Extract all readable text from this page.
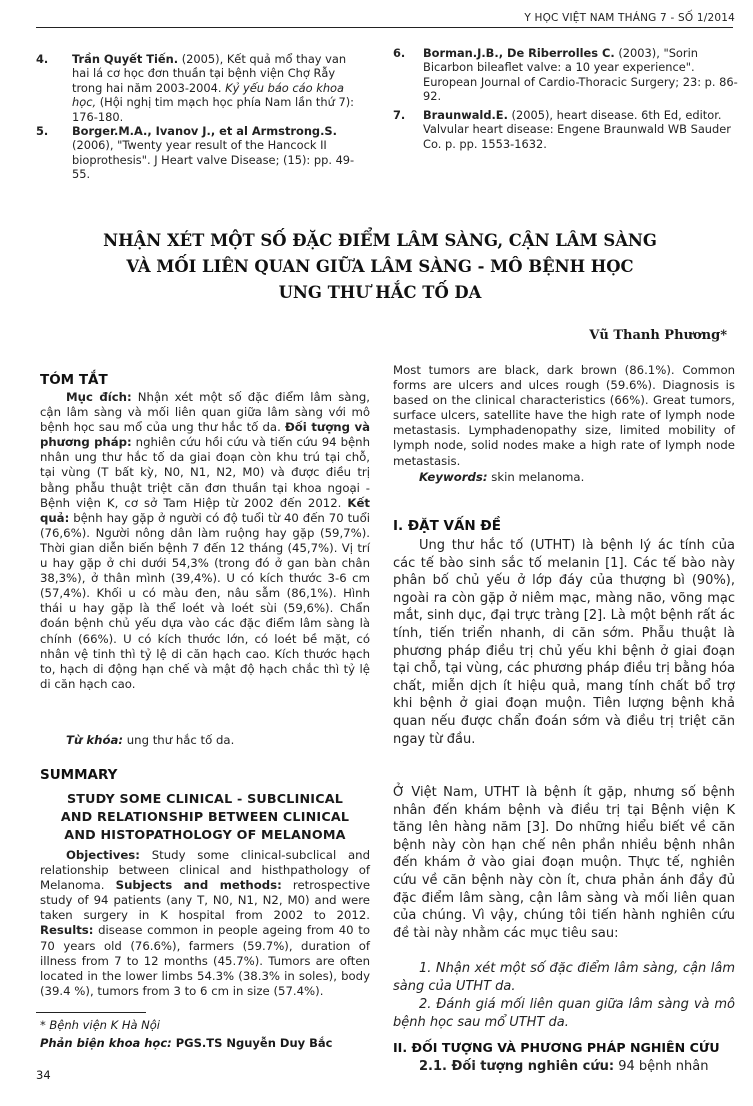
Y HỌC VIỆT NAM THÁNG 7 - SỐ 1/2014
4.	Trần Quyết Tiến. (2005), Kết quả mổ thay van hai lá cơ học đơn thuần tại bệnh viện Chợ Rẫy trong hai năm 2003-2004. Kỷ yếu báo cáo khoa học, (Hội nghị tim mạch học phía Nam lần thứ 7): 176-180.
5.	Borger.M.A., Ivanov J., et al Armstrong.S. (2006), "Twenty year result of the Hancock II bioprothesis". J Heart valve Disease; (15): pp. 49-55.
6.	Borman.J.B., De Riberrolles C. (2003), "Sorin Bicarbon bileaflet valve: a 10 year experience". European Journal of Cardio-Thoracic Surgery; 23: p. 86-92.
7.	Braunwald.E. (2005), heart disease. 6th Ed, editor. Valvular heart disease: Engene Braunwald WB Sauder Co. p. pp. 1553-1632.
NHẬN XÉT MỘT SỐ ĐẶC ĐIỂM LÂM SÀNG, CẬN LÂM SÀNG
VÀ MỐI LIÊN QUAN GIỮA LÂM SÀNG - MÔ BỆNH HỌC
UNG THƯ HẮC TỐ DA
Vũ Thanh Phương*
TÓM TẮT
Mục đích: Nhận xét một số đặc điểm lâm sàng, cận lâm sàng và mối liên quan giữa lâm sàng với mô bệnh học sau mổ của ung thư hắc tố da. Đối tượng và phương pháp: nghiên cứu hồi cứu và tiến cứu 94 bệnh nhân ung thư hắc tố da giai đoạn còn khu trú tại chỗ, tại vùng (T bất kỳ, N0, N1, N2, M0) và được điều trị bằng phẫu thuật triệt căn đơn thuần tại khoa ngoại - Bệnh viện K, cơ sở Tam Hiệp từ 2002 đến 2012. Kết quả: bệnh hay gặp ở người có độ tuổi từ 40 đến 70 tuổi (76,6%). Người nông dân làm ruộng hay gặp (59,7%). Thời gian diễn biến bệnh 7 đến 12 tháng (45,7%). Vị trí u hay gặp ở chi dưới 54,3% (trong đó ở gan bàn chân 38,3%), ở thân mình (39,4%). U có kích thước 3-6 cm (57,4%). Khối u có màu đen, nâu sẫm (86,1%). Hình thái u hay gặp là thể loét và loét sùi (59,6%). Chẩn đoán bệnh chủ yếu dựa vào các đặc điểm lâm sàng là chính (66%). U có kích thước lớn, có loét bề mặt, có nhân vệ tinh thì tỷ lệ di căn hạch cao. Kích thước hạch to, hạch di động hạn chế và mật độ hạch chắc thì tỷ lệ di căn hạch cao.
Từ khóa: ung thư hắc tố da.
SUMMARY
STUDY SOME CLINICAL - SUBCLINICAL
AND RELATIONSHIP BETWEEN CLINICAL
AND HISTOPATHOLOGY OF MELANOMA
Objectives: Study some clinical-subclical and relationship between clinical and histhpathology of Melanoma. Subjects and methods: retrospective study of 94 patients (any T, N0, N1, N2, M0) and were taken surgery in K hospital from 2002 to 2012. Results: disease common in people ageing from 40 to 70 years old (76.6%), farmers (59.7%), duration of illness from 7 to 12 months (45.7%). Tumors are often located in the lower limbs 54.3% (38.3% in soles), body (39.4 %), tumors from 3 to 6 cm in size (57.4%).
* Bệnh viện K Hà Nội
Phản biện khoa học: PGS.TS Nguyễn Duy Bắc
34
Most tumors are black, dark brown (86.1%). Common forms are ulcers and ulces rough (59.6%). Diagnosis is based on the clinical characteristics (66%). Great tumors, surface ulcers, satellite have the high rate of lymph node metastasis. Lymphadenopathy size, limited mobility of lymph node, solid nodes make a high rate of lymph node metastasis.
Keywords: skin melanoma.
I. ĐẶT VẤN ĐỀ
Ung thư hắc tố (UTHT) là bệnh lý ác tính của các tế bào sinh sắc tố melanin [1]. Các tế bào này phân bố chủ yếu ở lớp đáy của thượng bì (90%), ngoài ra còn gặp ở niêm mạc, màng não, võng mạc mắt, sinh dục, đại trực tràng [2]. Là một bệnh rất ác tính, tiến triển nhanh, di căn sớm. Phẫu thuật là phương pháp điều trị chủ yếu khi bệnh ở giai đoạn tại chỗ, tại vùng, các phương pháp điều trị bằng hóa chất, miễn dịch ít hiệu quả, mang tính chất bổ trợ khi bệnh ở giai đoạn muộn. Tiên lượng bệnh khả quan nếu được chẩn đoán sớm và điều trị triệt căn ngay từ đầu.
Ở Việt Nam, UTHT là bệnh ít gặp, nhưng số bệnh nhân đến khám bệnh và điều trị tại Bệnh viện K tăng lên hàng năm [3]. Do những hiểu biết về căn bệnh này còn hạn chế nên phần nhiều bệnh nhân đến khám ở vào giai đoạn muộn. Thực tế, nghiên cứu về căn bệnh này còn ít, chưa phản ánh đầy đủ đặc điểm lâm sàng, cận lâm sàng và mối liên quan của chúng. Vì vậy, chúng tôi tiến hành nghiên cứu đề tài này nhằm các mục tiêu sau:
1. Nhận xét một số đặc điểm lâm sàng, cận lâm sàng của UTHT da.
2. Đánh giá mối liên quan giữa lâm sàng và mô bệnh học sau mổ UTHT da.
II. ĐỐI TƯỢNG VÀ PHƯƠNG PHÁP NGHIÊN CỨU
2.1. Đối tượng nghiên cứu: 94 bệnh nhân
